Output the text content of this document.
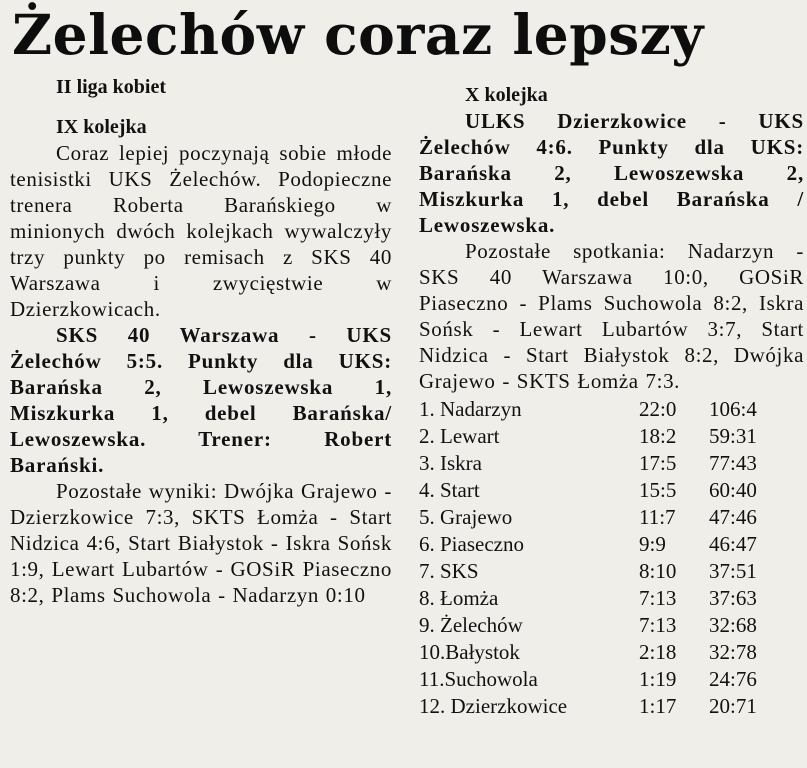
Żelechów coraz lepszy
II liga kobiet
IX kolejka

Coraz lepiej poczynają sobie młode tenisistki UKS Żelechów. Podopieczne trenera Roberta Barańskiego w minionych dwóch kolejkach wywalczyły trzy punkty po remisach z SKS 40 Warszawa i zwycięstwie w Dzierzkowicach.

SKS 40 Warszawa - UKS Żelechów 5:5. Punkty dla UKS: Barańska 2, Lewoszewska 1, Miszkurka 1, debel Barańska/ Lewoszewska. Trener: Robert Barański.

Pozostałe wyniki: Dwójka Grajewo - Dzierzkowice 7:3, SKTS Łomża - Start Nidzica 4:6, Start Białystok - Iskra Sońsk 1:9, Lewart Lubartów - GOSiR Piaseczno 8:2, Plams Suchowola - Nadarzyn 0:10

X kolejka

ULKS Dzierzkowice - UKS Żelechów 4:6. Punkty dla UKS: Barańska 2, Lewoszewska 2, Miszkurka 1, debel Barańska / Lewoszewska.

Pozostałe spotkania: Nadarzyn - SKS 40 Warszawa 10:0, GOSiR Piaseczno - Plams Suchowola 8:2, Iskra Sońsk - Lewart Lubartów 3:7, Start Nidzica - Start Białystok 8:2, Dwójka Grajewo - SKTS Łomża 7:3.

1. Nadarzyn	22:0	106:4
2. Lewart	18:2	59:31
3. Iskra	17:5	77:43
4. Start	15:5	60:40
5. Grajewo	11:7	47:46
6. Piaseczno	9:9	46:47
7. SKS	8:10	37:51
8. Łomża	7:13	37:63
9. Żelechów	7:13	32:68
10.Bałystok	2:18	32:78
11.Suchowola	1:19	24:76
12. Dzierzkowice	1:17	20:71
